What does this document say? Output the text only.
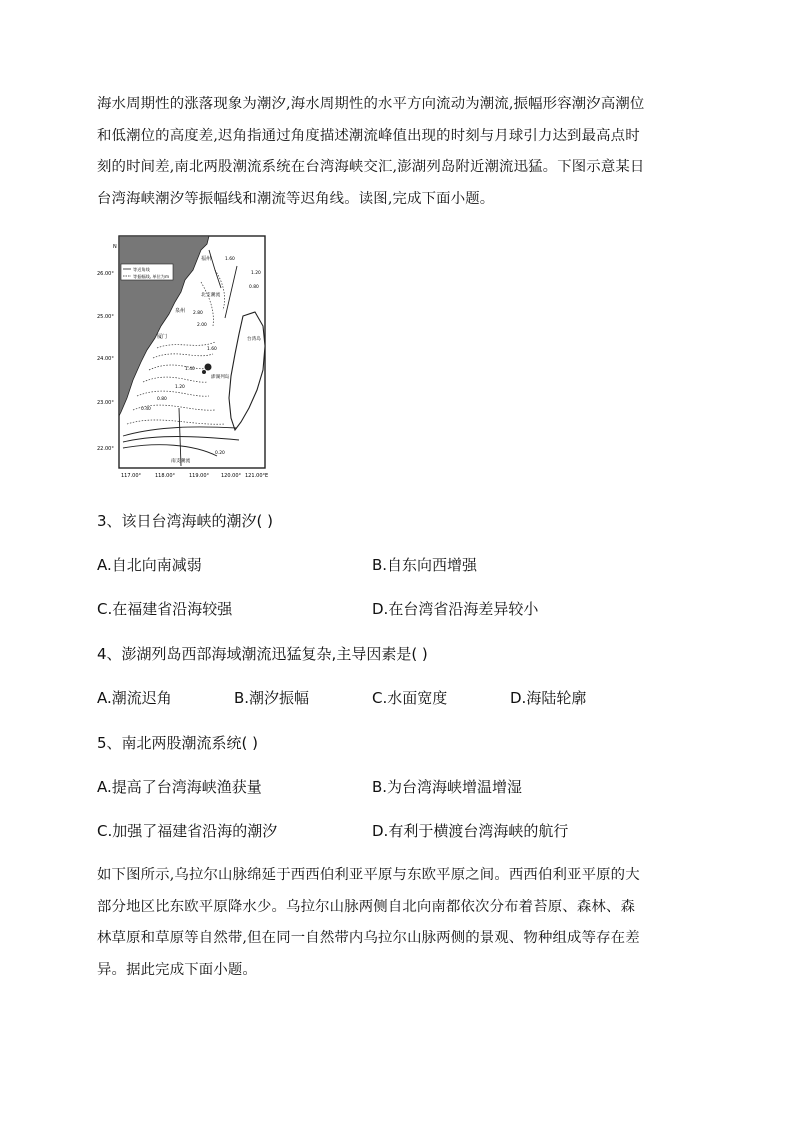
海水周期性的涨落现象为潮汐,海水周期性的水平方向流动为潮流,振幅形容潮汐高潮位
和低潮位的高度差,迟角指通过角度描述潮流峰值出现的时刻与月球引力达到最高点时
刻的时间差,南北两股潮流系统在台湾海峡交汇,澎湖列岛附近潮流迅猛。下图示意某日
台湾海峡潮汐等振幅线和潮流等迟角线。读图,完成下面小题。
等迟角线
等振幅线, 单位为m
N
26.00°
25.00°
24.00°
23.00°
22.00°
117.00°	118.00°	119.00° 120.00° 121.00°E
福州
泉州
厦门
澎湖列岛
台湾岛
北支潮流
南支潮流
1.60
1.20
0.80
2.00
2.80
1.60
1.20
0.80
0.40
1.40
0.20
3、该日台湾海峡的潮汐( )
A.自北向南减弱	B.自东向西增强
C.在福建省沿海较强	D.在台湾省沿海差异较小
4、澎湖列岛西部海域潮流迅猛复杂,主导因素是( )
A.潮流迟角	B.潮汐振幅	C.水面宽度	D.海陆轮廓
5、南北两股潮流系统( )
A.提高了台湾海峡渔获量	B.为台湾海峡增温增湿
C.加强了福建省沿海的潮汐	D.有利于横渡台湾海峡的航行
如下图所示,乌拉尔山脉绵延于西西伯利亚平原与东欧平原之间。西西伯利亚平原的大
部分地区比东欧平原降水少。乌拉尔山脉两侧自北向南都依次分布着苔原、森林、森
林草原和草原等自然带,但在同一自然带内乌拉尔山脉两侧的景观、物种组成等存在差
异。据此完成下面小题。
